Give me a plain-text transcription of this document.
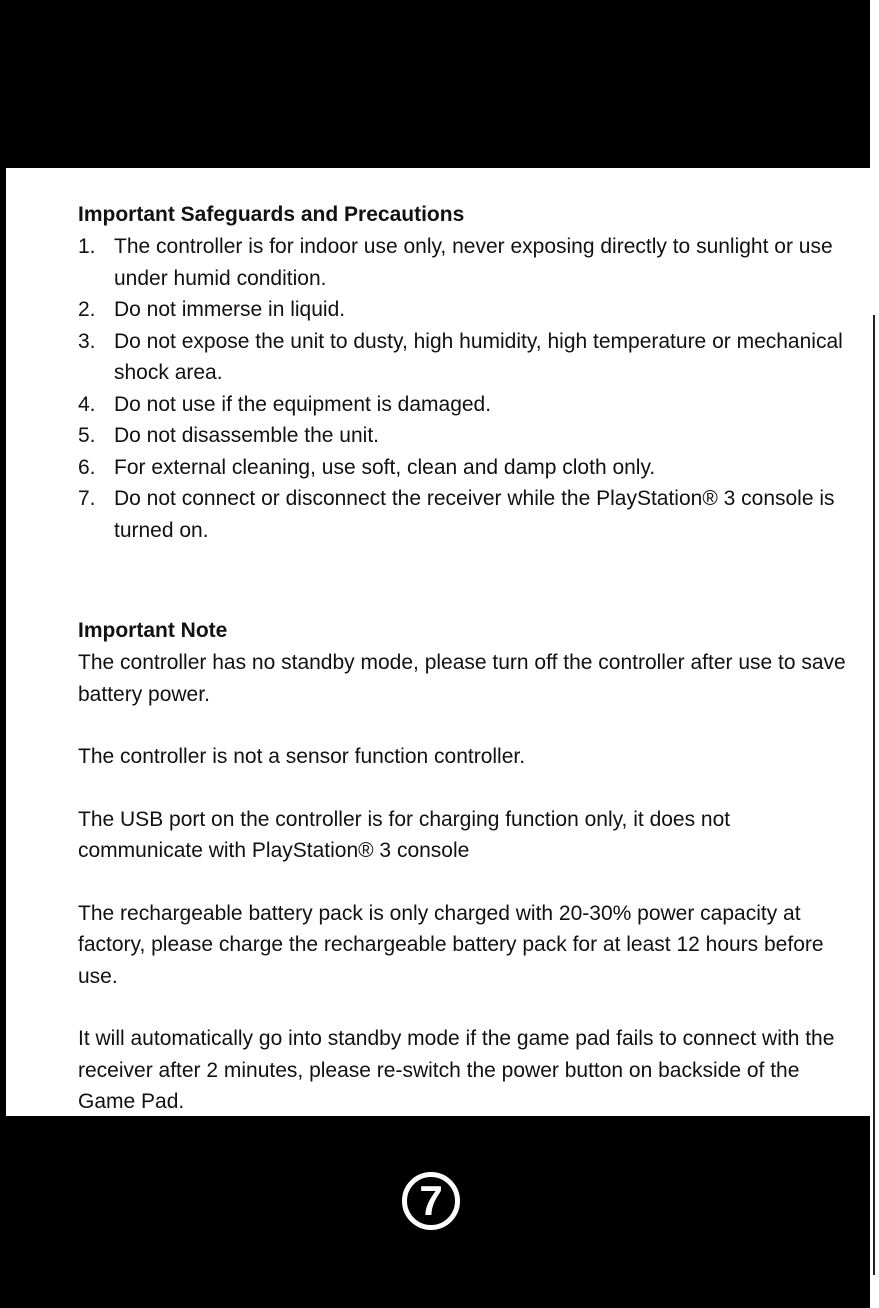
Important Safeguards and Precautions
1. The controller is for indoor use only, never exposing directly to sunlight or use under humid condition.
2. Do not immerse in liquid.
3. Do not expose the unit to dusty, high humidity, high temperature or mechanical shock area.
4. Do not use if the equipment is damaged.
5. Do not disassemble the unit.
6. For external cleaning, use soft, clean and damp cloth only.
7. Do not connect or disconnect the receiver while the PlayStation® 3 console is turned on.
Important Note

The controller has no standby mode, please turn off the controller after use to save battery power.

The controller is not a sensor function controller.

The USB port on the controller is for charging function only, it does not communicate with PlayStation® 3 console

The rechargeable battery pack is only charged with 20-30% power capacity at factory, please charge the rechargeable battery pack for at least 12 hours before use.

It will automatically go into standby mode if the game pad fails to connect with the receiver after 2 minutes, please re-switch the power button on backside of the Game Pad.

7
